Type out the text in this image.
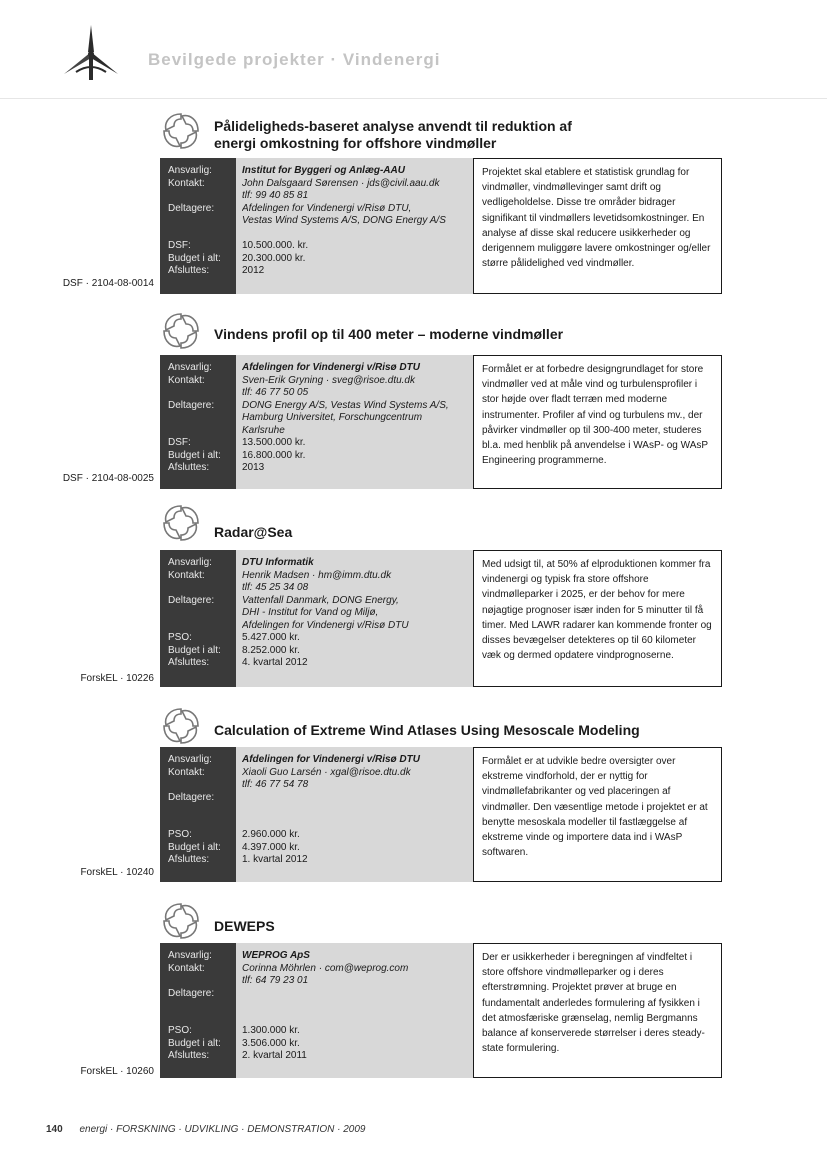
Bevilgede projekter · Vindenergi
Pålideligheds-baseret analyse anvendt til reduktion af energi omkostning for offshore vindmøller
Ansvarlig:
Kontakt:
Deltagere:
DSF:
Budget i alt:
Afsluttes:
Institut for Byggeri og Anlæg-AAU
John Dalsgaard Sørensen · jds@civil.aau.dk
tlf: 99 40 85 81
Afdelingen for Vindenergi v/Risø DTU,
Vestas Wind Systems A/S, DONG Energy A/S
10.500.000. kr.
20.300.000 kr.
2012
Projektet skal etablere et statistisk grundlag for vindmøller, vindmøllevinger samt drift og vedligeholdelse. Disse tre områder bidrager signifikant til vindmøllers levetidsomkostninger. En analyse af disse skal reducere usikkerheder og derigennem muliggøre lavere omkostninger og/eller større pålidelighed ved vindmøller.
DSF · 2104-08-0014
Vindens profil op til 400 meter – moderne vindmøller
Ansvarlig:
Kontakt:
Deltagere:
DSF:
Budget i alt:
Afsluttes:
Afdelingen for Vindenergi v/Risø DTU
Sven-Erik Gryning · sveg@risoe.dtu.dk
tlf: 46 77 50 05
DONG Energy A/S, Vestas Wind Systems A/S,
Hamburg Universitet, Forschungcentrum
Karlsruhe
13.500.000 kr.
16.800.000 kr.
2013
Formålet er at forbedre designgrundlaget for store vindmøller ved at måle vind og turbulensprofiler i stor højde over fladt terræn med moderne instrumenter. Profiler af vind og turbulens mv., der påvirker vindmøller op til 300-400 meter, studeres bl.a. med henblik på anvendelse i WAsP- og WAsP Engineering programmerne.
DSF · 2104-08-0025
Radar@Sea
Ansvarlig:
Kontakt:
Deltagere:
PSO:
Budget i alt:
Afsluttes:
DTU Informatik
Henrik Madsen · hm@imm.dtu.dk
tlf: 45 25 34 08
Vattenfall Danmark, DONG Energy,
DHI - Institut for Vand og Miljø,
Afdelingen for Vindenergi v/Risø DTU
5.427.000 kr.
8.252.000 kr.
4. kvartal 2012
Med udsigt til, at 50% af elproduktionen kommer fra vindenergi og typisk fra store offshore vindmølleparker i 2025, er der behov for mere nøjagtige prognoser især inden for 5 minutter til få timer. Med LAWR radarer kan kommende fronter og disses bevægelser detekteres op til 60 kilometer væk og dermed opdatere vindprognoserne.
ForskEL · 10226
Calculation of Extreme Wind Atlases Using Mesoscale Modeling
Ansvarlig:
Kontakt:
Deltagere:
PSO:
Budget i alt:
Afsluttes:
Afdelingen for Vindenergi v/Risø DTU
Xiaoli Guo Larsén · xgal@risoe.dtu.dk
tlf: 46 77 54 78
2.960.000 kr.
4.397.000 kr.
1. kvartal 2012
Formålet er at udvikle bedre oversigter over ekstreme vindforhold, der er nyttig for vindmøllefabrikanter og ved placeringen af vindmøller. Den væsentlige metode i projektet er at benytte mesoskala modeller til fastlæggelse af ekstreme vinde og importere data ind i WAsP softwaren.
ForskEL · 10240
DEWEPS
Ansvarlig:
Kontakt:
Deltagere:
PSO:
Budget i alt:
Afsluttes:
WEPROG ApS
Corinna Möhrlen · com@weprog.com
tlf: 64 79 23 01
1.300.000 kr.
3.506.000 kr.
2. kvartal 2011
Der er usikkerheder i beregningen af vindfeltet i store offshore vindmølleparker og i deres efterstrømning. Projektet prøver at bruge en fundamentalt anderledes formulering af fysikken i det atmosfæriske grænselag, nemlig Bergmanns balance af konserverede størrelser i deres steady-state formulering.
ForskEL · 10260
140 energi · FORSKNING · UDVIKLING · DEMONSTRATION · 2009
